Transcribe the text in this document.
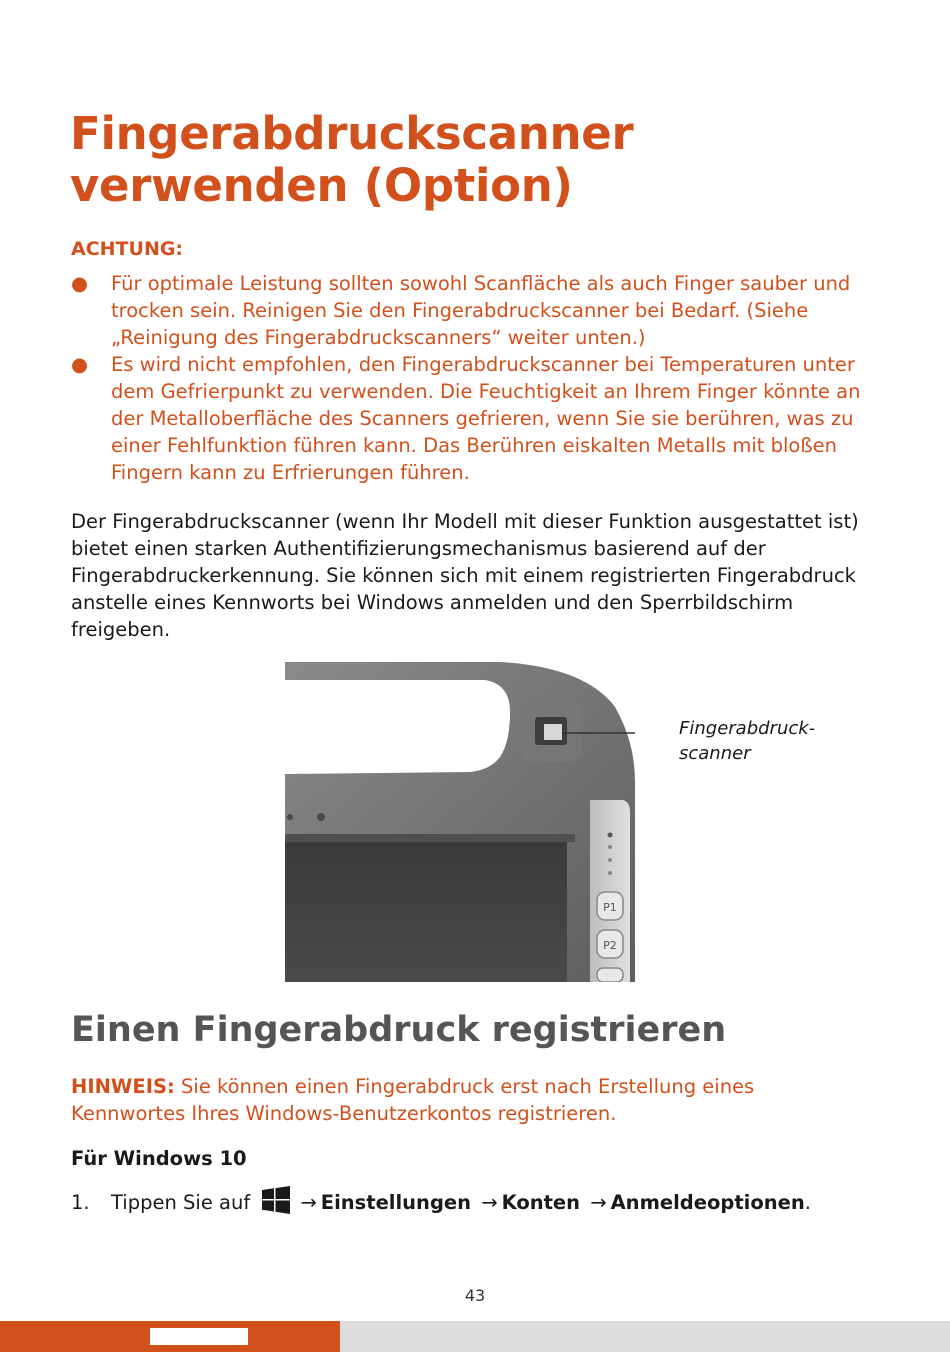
Fingerabdruckscanner verwenden (Option)

ACHTUNG:

● Für optimale Leistung sollten sowohl Scanfläche als auch Finger sauber und trocken sein. Reinigen Sie den Fingerabdruckscanner bei Bedarf. (Siehe „Reinigung des Fingerabdruckscanners“ weiter unten.)
● Es wird nicht empfohlen, den Fingerabdruckscanner bei Temperaturen unter dem Gefrierpunkt zu verwenden. Die Feuchtigkeit an Ihrem Finger könnte an der Metalloberfläche des Scanners gefrieren, wenn Sie sie berühren, was zu einer Fehlfunktion führen kann. Das Berühren eiskalten Metalls mit bloßen Fingern kann zu Erfrierungen führen.

Der Fingerabdruckscanner (wenn Ihr Modell mit dieser Funktion ausgestattet ist) bietet einen starken Authentifizierungsmechanismus basierend auf der Fingerabdruckerkennung. Sie können sich mit einem registrierten Fingerabdruck anstelle eines Kennworts bei Windows anmelden und den Sperrbildschirm freigeben.

P1
P2
Fingerabdruck-
scanner
Einen Fingerabdruck registrieren

HINWEIS: Sie können einen Fingerabdruck erst nach Erstellung eines Kennwortes Ihres Windows-Benutzerkontos registrieren.

Für Windows 10

1. Tippen Sie auf	→ Einstellungen → Konten → Anmeldeoptionen.

43
